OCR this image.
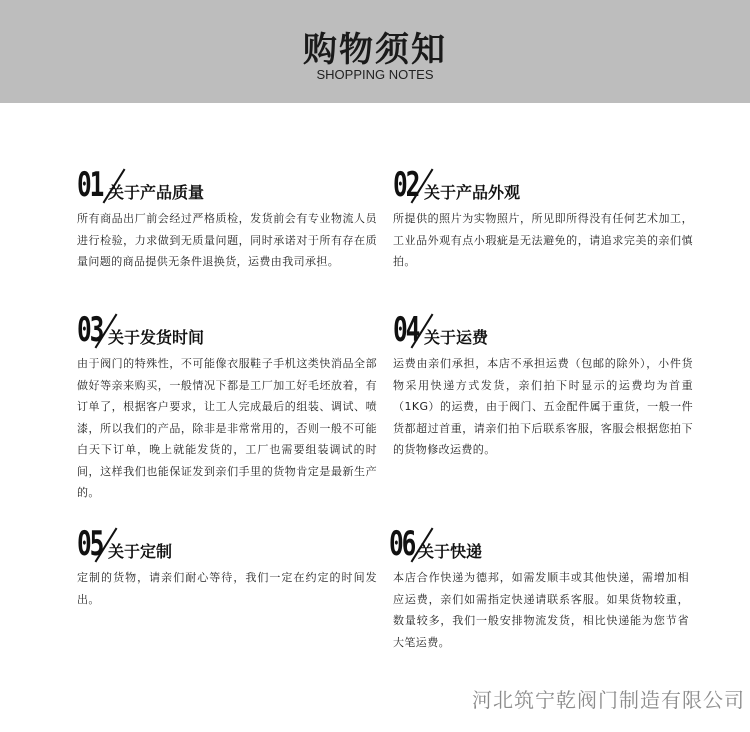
购物须知
SHOPPING NOTES
01 关于产品质量
所有商品出厂前会经过严格质检，发货前会有专业物流人员进行检验，力求做到无质量问题，同时承诺对于所有存在质量问题的商品提供无条件退换货，运费由我司承担。
02 关于产品外观
所提供的照片为实物照片，所见即所得没有任何艺术加工，工业品外观有点小瑕疵是无法避免的，请追求完美的亲们慎拍。
03 关于发货时间
由于阀门的特殊性，不可能像衣服鞋子手机这类快消品全部做好等亲来购买，一般情况下都是工厂加工好毛坯放着，有订单了，根据客户要求，让工人完成最后的组装、调试、喷漆，所以我们的产品，除非是非常常用的，否则一般不可能白天下订单，晚上就能发货的，工厂也需要组装调试的时间，这样我们也能保证发到亲们手里的货物肯定是最新生产的。
04 关于运费
运费由亲们承担，本店不承担运费（包邮的除外），小件货物采用快递方式发货，亲们拍下时显示的运费均为首重（1KG）的运费，由于阀门、五金配件属于重货，一般一件货都超过首重，请亲们拍下后联系客服，客服会根据您拍下的货物修改运费的。
05 关于定制
定制的货物，请亲们耐心等待，我们一定在约定的时间发出。
06 关于快递
本店合作快递为德邦，如需发顺丰或其他快递，需增加相应运费，亲们如需指定快递请联系客服。如果货物较重，数量较多，我们一般安排物流发货，相比快递能为您节省大笔运费。
河北筑宁乾阀门制造有限公司
